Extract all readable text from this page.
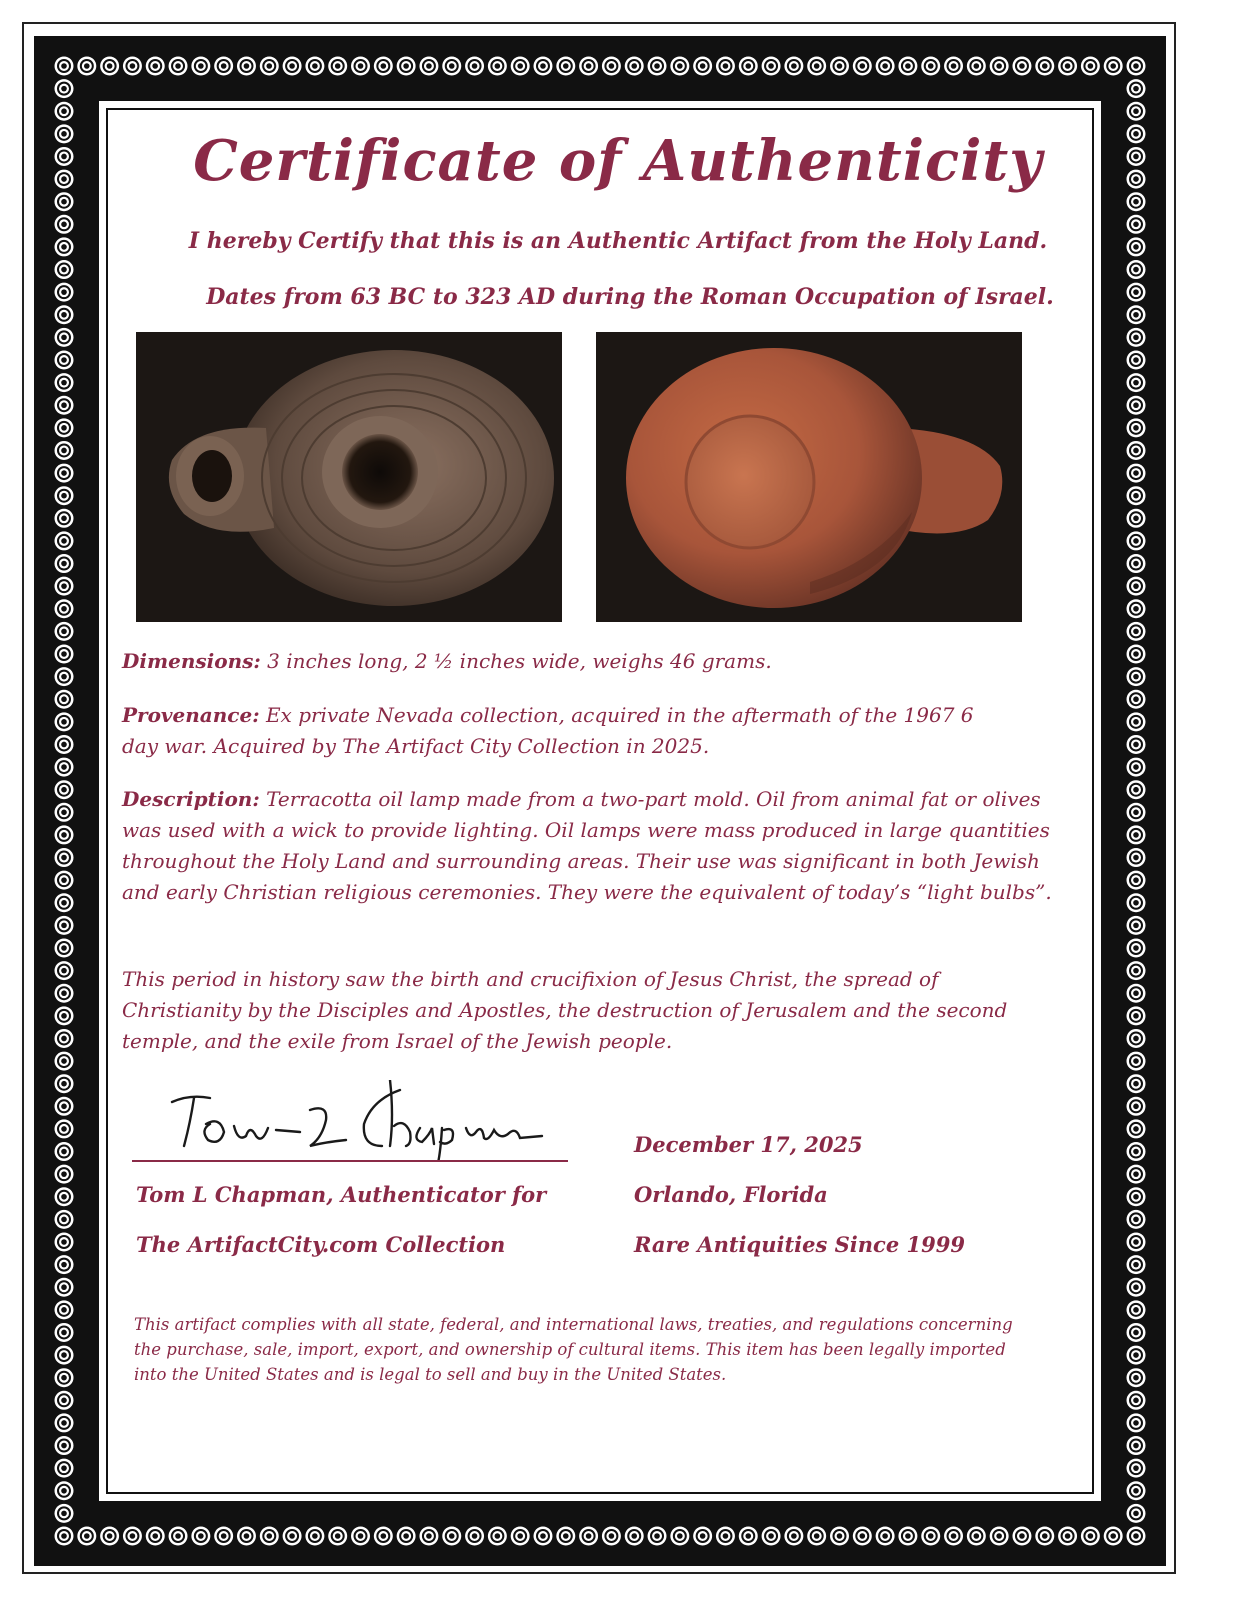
Certificate of Authenticity
I hereby Certify that this is an Authentic Artifact from the Holy Land.
Dates from 63 BC to 323 AD during the Roman Occupation of Israel.
Dimensions: 3 inches long, 2 ½ inches wide, weighs 46 grams.
Provenance: Ex private Nevada collection, acquired in the aftermath of the 1967 6 day war. Acquired by The Artifact City Collection in 2025.
Description: Terracotta oil lamp made from a two-part mold. Oil from animal fat or olives was used with a wick to provide lighting. Oil lamps were mass produced in large quantities throughout the Holy Land and surrounding areas. Their use was significant in both Jewish and early Christian religious ceremonies. They were the equivalent of today’s “light bulbs”.
This period in history saw the birth and crucifixion of Jesus Christ, the spread of Christianity by the Disciples and Apostles, the destruction of Jerusalem and the second temple, and the exile from Israel of the Jewish people.
Tom L Chapman, Authenticator for
The ArtifactCity.com Collection
December 17, 2025
Orlando, Florida
Rare Antiquities Since 1999
This artifact complies with all state, federal, and international laws, treaties, and regulations concerning the purchase, sale, import, export, and ownership of cultural items. This item has been legally imported into the United States and is legal to sell and buy in the United States.
